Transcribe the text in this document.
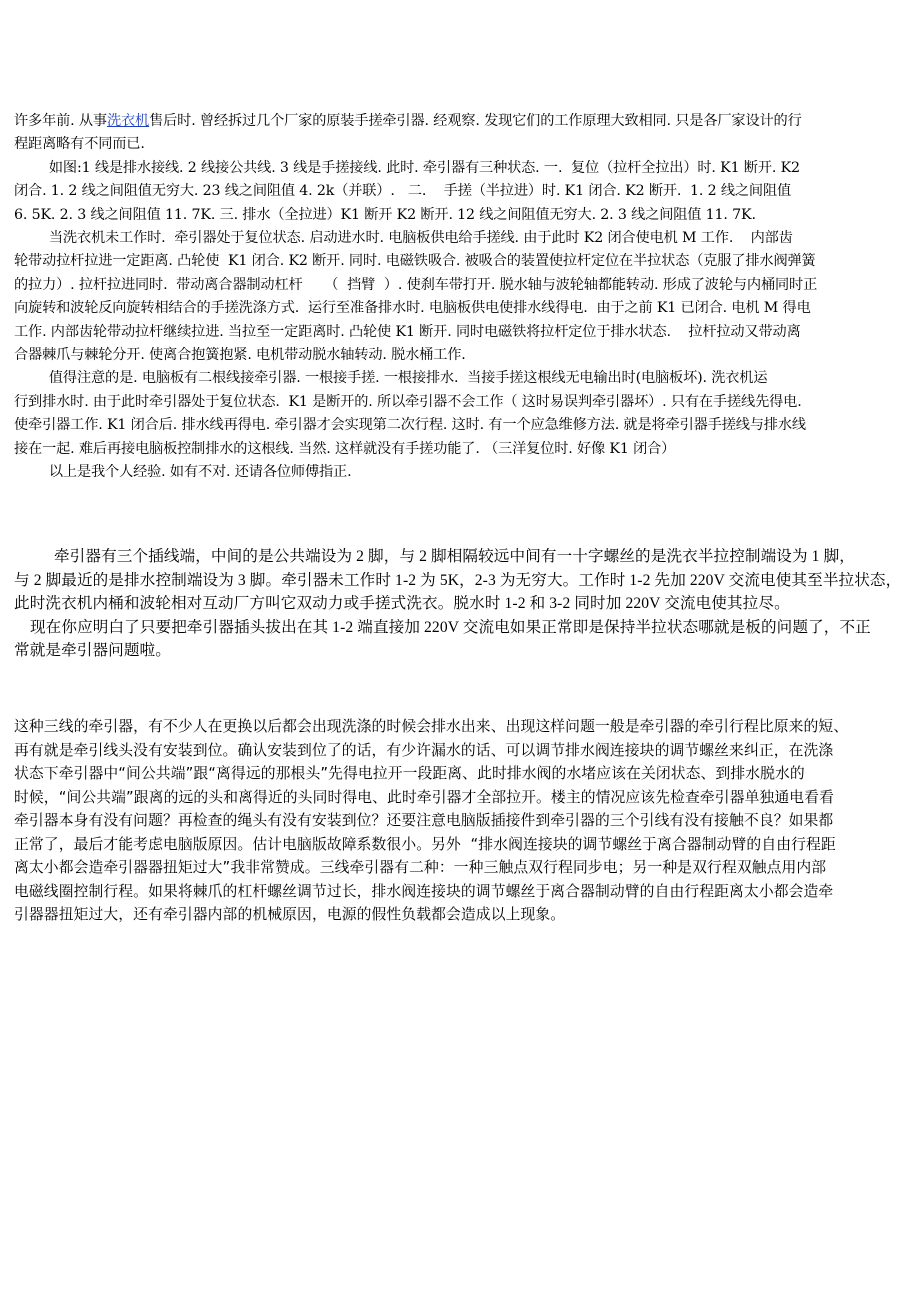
许多年前. 从事洗衣机售后时. 曾经拆过几个厂家的原装手搓牵引器. 经观察. 发现它们的工作原理大致相同. 只是各厂家设计的行

程距离略有不同而已.

如图:1 线是排水接线. 2 线接公共线. 3 线是手搓接线. 此时. 牵引器有三种状态. 一.  复位（拉杆全拉出）时. K1 断开. K2

闭合. 1. 2 线之间阻值无穷大. 23 线之间阻值 4. 2k（并联）.   二.    手搓（半拉进）时. K1 闭合. K2 断开.  1. 2 线之间阻值

6. 5K. 2. 3 线之间阻值 11. 7K. 三. 排水（全拉进）K1 断开 K2 断开. 12 线之间阻值无穷大. 2. 3 线之间阻值 11. 7K.

当洗衣机未工作时.  牵引器处于复位状态. 启动进水时. 电脑板供电给手搓线. 由于此时 K2 闭合使电机 M 工作.    内部齿

轮带动拉杆拉进一定距离. 凸轮使  K1 闭合. K2 断开. 同时. 电磁铁吸合. 被吸合的装置使拉杆定位在半拉状态（克服了排水阀弹簧

的拉力）. 拉杆拉进同时.  带动离合器制动杠杆     （  挡臂  ）. 使刹车带打开. 脱水轴与波轮轴都能转动. 形成了波轮与内桶同时正

向旋转和波轮反向旋转相结合的手搓洗涤方式.  运行至准备排水时. 电脑板供电使排水线得电.  由于之前 K1 已闭合. 电机 M 得电

工作. 内部齿轮带动拉杆继续拉进. 当拉至一定距离时. 凸轮使 K1 断开. 同时电磁铁将拉杆定位于排水状态.    拉杆拉动又带动离

合器棘爪与棘轮分开. 使离合抱簧抱紧. 电机带动脱水轴转动. 脱水桶工作.

值得注意的是. 电脑板有二根线接牵引器. 一根接手搓. 一根接排水.  当接手搓这根线无电输出时(电脑板坏). 洗衣机运

行到排水时. 由于此时牵引器处于复位状态.  K1 是断开的. 所以牵引器不会工作（ 这时易误判牵引器坏）. 只有在手搓线先得电.

使牵引器工作. K1 闭合后. 排水线再得电. 牵引器才会实现第二次行程. 这时. 有一个应急维修方法. 就是将牵引器手搓线与排水线

接在一起. 难后再接电脑板控制排水的这根线. 当然. 这样就没有手搓功能了. （三洋复位时. 好像 K1 闭合）

以上是我个人经验. 如有不对. 还请各位师傅指正.

牵引器有三个插线端，中间的是公共端设为 2 脚，与 2 脚相隔较远中间有一十字螺丝的是洗衣半拉控制端设为 1 脚，

与 2 脚最近的是排水控制端设为 3 脚。牵引器未工作时 1-2 为 5K，2-3 为无穷大。工作时 1-2 先加 220V 交流电使其至半拉状态，

此时洗衣机内桶和波轮相对互动厂方叫它双动力或手搓式洗衣。脱水时 1-2 和 3-2 同时加 220V 交流电使其拉尽。

现在你应明白了只要把牵引器插头拔出在其 1-2 端直接加 220V 交流电如果正常即是保持半拉状态哪就是板的问题了，不正

常就是牵引器问题啦。

这种三线的牵引器，有不少人在更换以后都会出现洗涤的时候会排水出来、出现这样问题一般是牵引器的牵引行程比原来的短、

再有就是牵引线头没有安装到位。确认安装到位了的话，有少许漏水的话、可以调节排水阀连接块的调节螺丝来纠正，在洗涤

状态下牵引器中“间公共端”跟“离得远的那根头”先得电拉开一段距离、此时排水阀的水堵应该在关闭状态、到排水脱水的

时候，“间公共端”跟离的远的头和离得近的头同时得电、此时牵引器才全部拉开。楼主的情况应该先检查牵引器单独通电看看

牵引器本身有没有问题？再检查的绳头有没有安装到位？还要注意电脑版插接件到牵引器的三个引线有没有接触不良？如果都

正常了，最后才能考虑电脑版原因。估计电脑版故障系数很小。另外  “排水阀连接块的调节螺丝于离合器制动臂的自由行程距

离太小都会造牵引器器扭矩过大”我非常赞成。三线牵引器有二种：一种三触点双行程同步电；另一种是双行程双触点用内部

电磁线圈控制行程。如果将棘爪的杠杆螺丝调节过长，排水阀连接块的调节螺丝于离合器制动臂的自由行程距离太小都会造牵

引器器扭矩过大，还有牵引器内部的机械原因，电源的假性负载都会造成以上现象。
